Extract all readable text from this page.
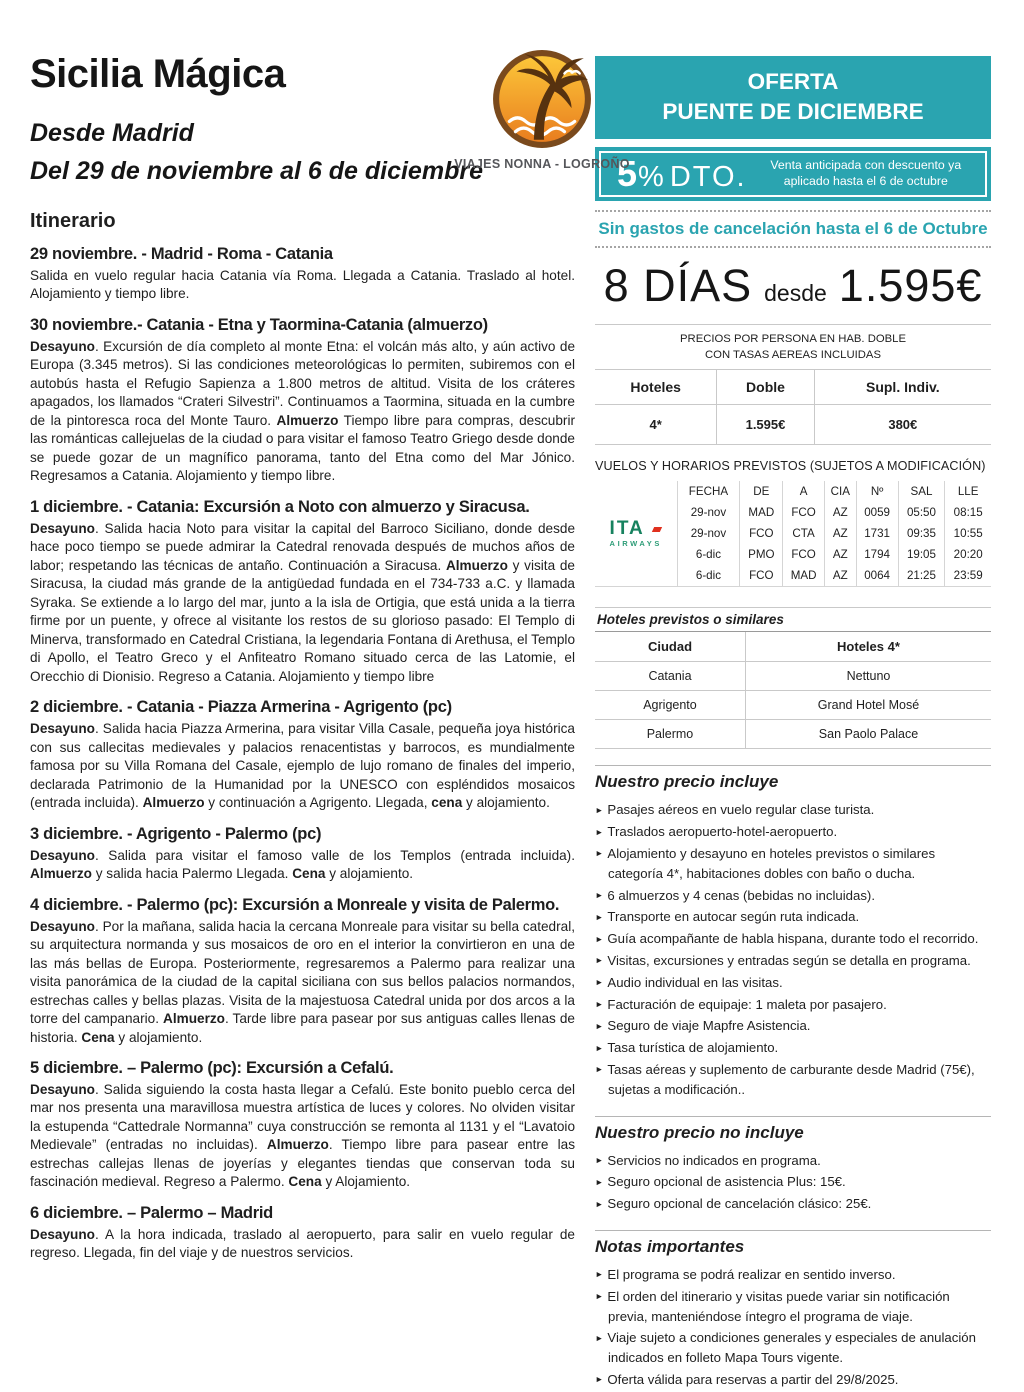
Sicilia Mágica
Desde Madrid
Del 29 de noviembre al 6 de diciembre
Itinerario
29 noviembre. - Madrid - Roma - Catania

Salida en vuelo regular hacia Catania vía Roma. Llegada a Catania. Traslado al hotel. Alojamiento y tiempo libre.

30 noviembre.- Catania - Etna y Taormina-Catania (almuerzo)

Desayuno. Excursión de día completo al monte Etna: el volcán más alto, y aún activo de Europa (3.345 metros). Si las condiciones meteorológicas lo permiten, subiremos con el autobús hasta el Refugio Sapienza a 1.800 metros de altitud. Visita de los cráteres apagados, los llamados “Crateri Silvestri”. Continuamos a Taormina, situada en la cumbre de la pintoresca roca del Monte Tauro. Almuerzo Tiempo libre para compras, descubrir las románticas callejuelas de la ciudad o para visitar el famoso Teatro Griego desde donde se puede gozar de un magnífico panorama, tanto del Etna como del Mar Jónico. Regresamos a Catania. Alojamiento y tiempo libre.

1 diciembre. - Catania: Excursión a Noto con almuerzo y Siracusa.

Desayuno. Salida hacia Noto para visitar la capital del Barroco Siciliano, donde desde hace poco tiempo se puede admirar la Catedral renovada después de muchos años de labor; respetando las técnicas de antaño. Continuación a Siracusa. Almuerzo y visita de Siracusa, la ciudad más grande de la antigüedad fundada en el 734-733 a.C. y llamada Syraka. Se extiende a lo largo del mar, junto a la isla de Ortigia, que está unida a la tierra firme por un puente, y ofrece al visitante los restos de su glorioso pasado: El Templo di Minerva, transformado en Catedral Cristiana, la legendaria Fontana di Arethusa, el Templo di Apollo, el Teatro Greco y el Anfiteatro Romano situado cerca de las Latomie, el Orecchio di Dionisio. Regreso a Catania. Alojamiento y tiempo libre

2 diciembre. - Catania - Piazza Armerina - Agrigento (pc)

Desayuno. Salida hacia Piazza Armerina, para visitar Villa Casale, pequeña joya histórica con sus callecitas medievales y palacios renacentistas y barrocos, es mundialmente famosa por su Villa Romana del Casale, ejemplo de lujo romano de finales del imperio, declarada Patrimonio de la Humanidad por la UNESCO con espléndidos mosaicos (entrada incluida). Almuerzo y continuación a Agrigento. Llegada, cena y alojamiento.

3 diciembre. - Agrigento - Palermo (pc)

Desayuno. Salida para visitar el famoso valle de los Templos (entrada incluida). Almuerzo y salida hacia Palermo Llegada. Cena y alojamiento.

4 diciembre. - Palermo (pc): Excursión a Monreale y visita de Palermo.

Desayuno. Por la mañana, salida hacia la cercana Monreale para visitar su bella catedral, su arquitectura normanda y sus mosaicos de oro en el interior la convirtieron en una de las más bellas de Europa. Posteriormente, regresaremos a Palermo para realizar una visita panorámica de la ciudad de la capital siciliana con sus bellos palacios normandos, estrechas calles y bellas plazas. Visita de la majestuosa Catedral unida por dos arcos a la torre del campanario. Almuerzo. Tarde libre para pasear por sus antiguas calles llenas de historia. Cena y alojamiento.

5 diciembre. – Palermo (pc): Excursión a Cefalú.

Desayuno. Salida siguiendo la costa hasta llegar a Cefalú. Este bonito pueblo cerca del mar nos presenta una maravillosa muestra artística de luces y colores. No olviden visitar la estupenda “Cattedrale Normanna” cuya construcción se remonta al 1131 y el “Lavatoio Medievale” (entradas no incluidas). Almuerzo. Tiempo libre para pasear entre las estrechas callejas llenas de joyerías y elegantes tiendas que conservan toda su fascinación medieval. Regreso a Palermo. Cena y Alojamiento.

6 diciembre. – Palermo – Madrid

Desayuno. A la hora indicada, traslado al aeropuerto, para salir en vuelo regular de regreso. Llegada, fin del viaje y de nuestros servicios.

VIAJES NONNA - LOGROÑO
OFERTA
PUENTE DE DICIEMBRE
5 % DTO.	Venta anticipada con descuento ya
aplicado hasta el 6 de octubre
Sin gastos de cancelación hasta el 6 de Octubre
8 DÍAS desde 1.595€
PRECIOS POR PERSONA EN HAB. DOBLE
CON TASAS AEREAS INCLUIDAS
Hoteles	Doble	Supl. Indiv.
4*	1.595€	380€
VUELOS Y HORARIOS PREVISTOS (SUJETOS A MODIFICACIÓN)
ITA
AIRWAYS	FECHA	DE	A	CIA	Nº	SAL	LLE
	29-nov	MAD	FCO	AZ	0059	05:50	08:15
	29-nov	FCO	CTA	AZ	1731	09:35	10:55
	6-dic	PMO	FCO	AZ	1794	19:05	20:20
	6-dic	FCO	MAD	AZ	0064	21:25	23:59
Hoteles previstos o similares
Ciudad	Hoteles 4*
Catania	Nettuno
Agrigento	Grand Hotel Mosé
Palermo	San Paolo Palace
Nuestro precio incluye
► Pasajes aéreos en vuelo regular clase turista.
► Traslados aeropuerto-hotel-aeropuerto.
► Alojamiento y desayuno en hoteles previstos o similares categoría 4*, habitaciones dobles con baño o ducha.
► 6 almuerzos y 4 cenas (bebidas no incluidas).
► Transporte en autocar según ruta indicada.
► Guía acompañante de habla hispana, durante todo el recorrido.
► Visitas, excursiones y entradas según se detalla en programa.
► Audio individual en las visitas.
► Facturación de equipaje: 1 maleta por pasajero.
► Seguro de viaje Mapfre Asistencia.
► Tasa turística de alojamiento.
► Tasas aéreas y suplemento de carburante desde Madrid (75€), sujetas a modificación..
Nuestro precio no incluye
► Servicios no indicados en programa.
► Seguro opcional de asistencia Plus: 15€.
► Seguro opcional de cancelación clásico: 25€.
Notas importantes
► El programa se podrá realizar en sentido inverso.
► El orden del itinerario y visitas puede variar sin notificación previa, manteniéndose íntegro el programa de viaje.
► Viaje sujeto a condiciones generales y especiales de anulación indicados en folleto Mapa Tours vigente.
► Oferta válida para reservas a partir del 29/8/2025.
